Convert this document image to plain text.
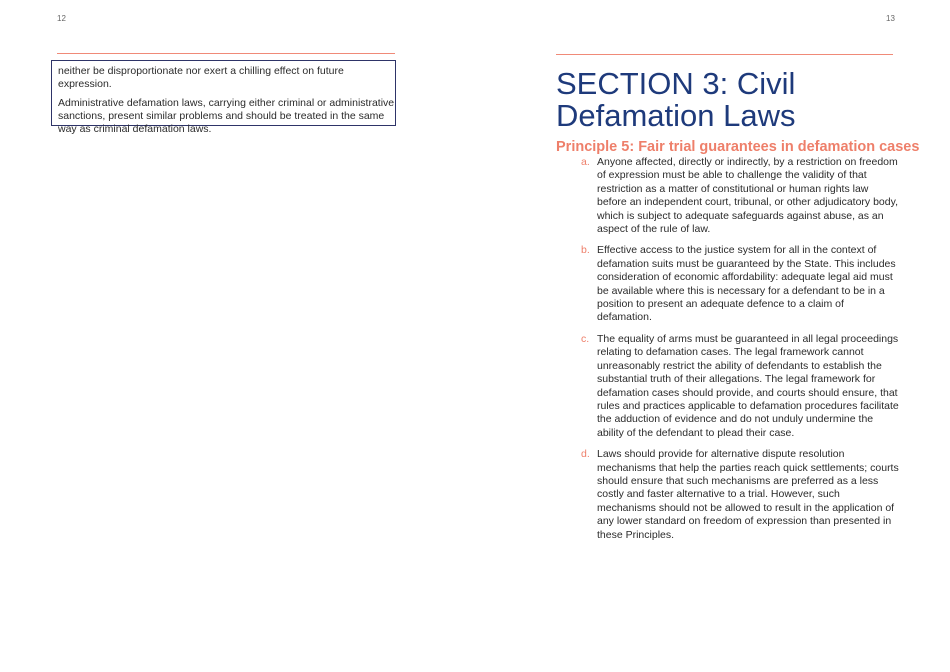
12

neither be disproportionate nor exert a chilling effect on future expression.

Administrative defamation laws, carrying either criminal or administrative sanctions, present similar problems and should be treated in the same way as criminal defamation laws.

13
SECTION 3: Civil Defamation Laws
Principle 5: Fair trial guarantees in defamation cases
a. Anyone affected, directly or indirectly, by a restriction on freedom of expression must be able to challenge the validity of that restriction as a matter of constitutional or human rights law before an independent court, tribunal, or other adjudicatory body, which is subject to adequate safeguards against abuse, as an aspect of the rule of law.
b. Effective access to the justice system for all in the context of defamation suits must be guaranteed by the State. This includes consideration of economic affordability: adequate legal aid must be available where this is necessary for a defendant to be in a position to present an adequate defence to a claim of defamation.
c. The equality of arms must be guaranteed in all legal proceedings relating to defamation cases. The legal framework cannot unreasonably restrict the ability of defendants to establish the substantial truth of their allegations. The legal framework for defamation cases should provide, and courts should ensure, that rules and practices applicable to defamation procedures facilitate the adduction of evidence and do not unduly undermine the ability of the defendant to plead their case.
d. Laws should provide for alternative dispute resolution mechanisms that help the parties reach quick settlements; courts should ensure that such mechanisms are preferred as a less costly and faster alternative to a trial. However, such mechanisms should not be allowed to result in the application of any lower standard on freedom of expression than presented in these Principles.
